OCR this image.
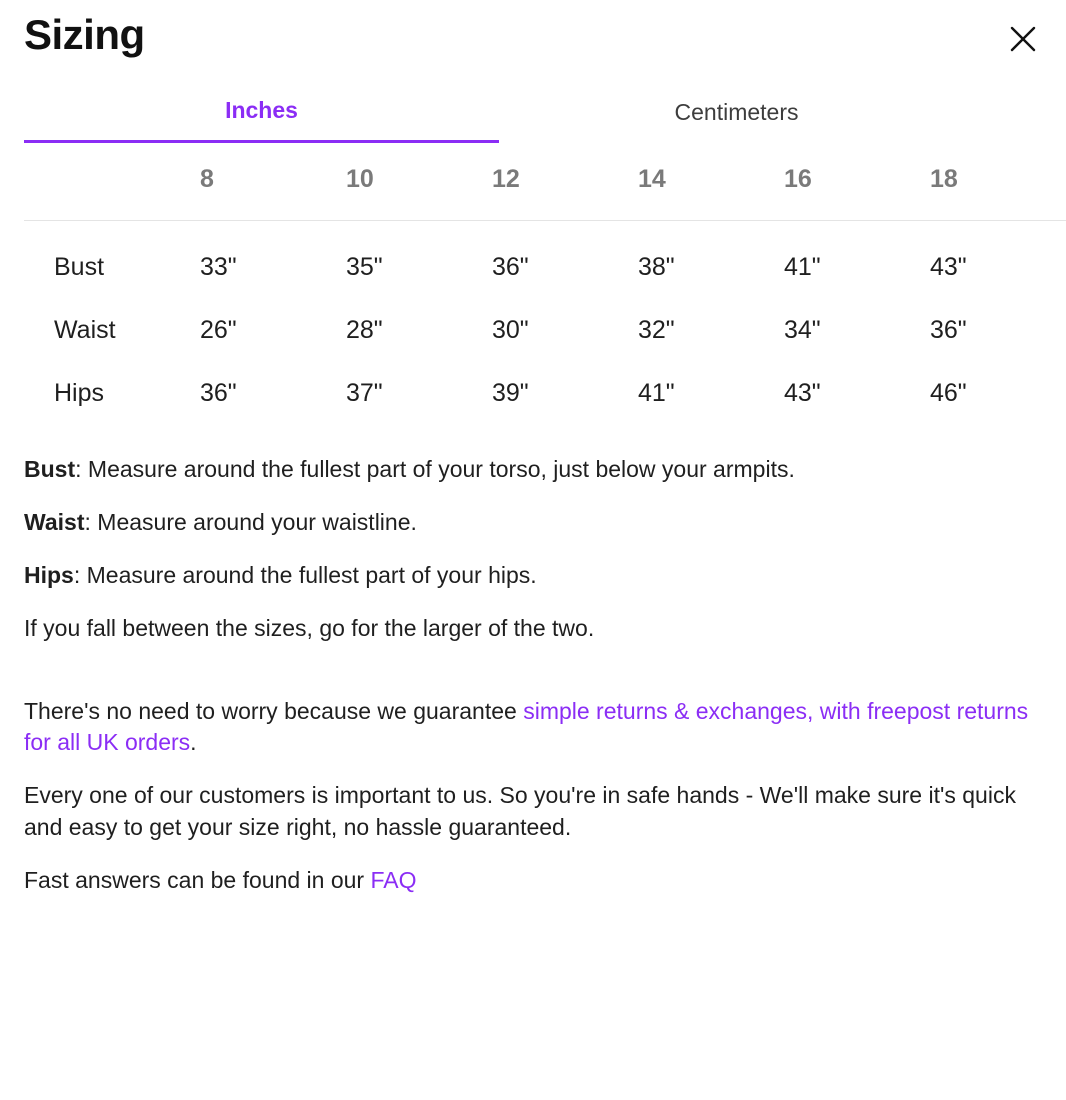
Sizing
Inches	Centimeters
	8	10	12	14	16	18
Bust	33"	35"	36"	38"	41"	43"
Waist	26"	28"	30"	32"	34"	36"
Hips	36"	37"	39"	41"	43"	46"

Bust: Measure around the fullest part of your torso, just below your armpits.

Waist: Measure around your waistline.

Hips: Measure around the fullest part of your hips.

If you fall between the sizes, go for the larger of the two.

There's no need to worry because we guarantee simple returns & exchanges, with freepost returns for all UK orders.

Every one of our customers is important to us. So you're in safe hands - We'll make sure it's quick and easy to get your size right, no hassle guaranteed.

Fast answers can be found in our FAQ
